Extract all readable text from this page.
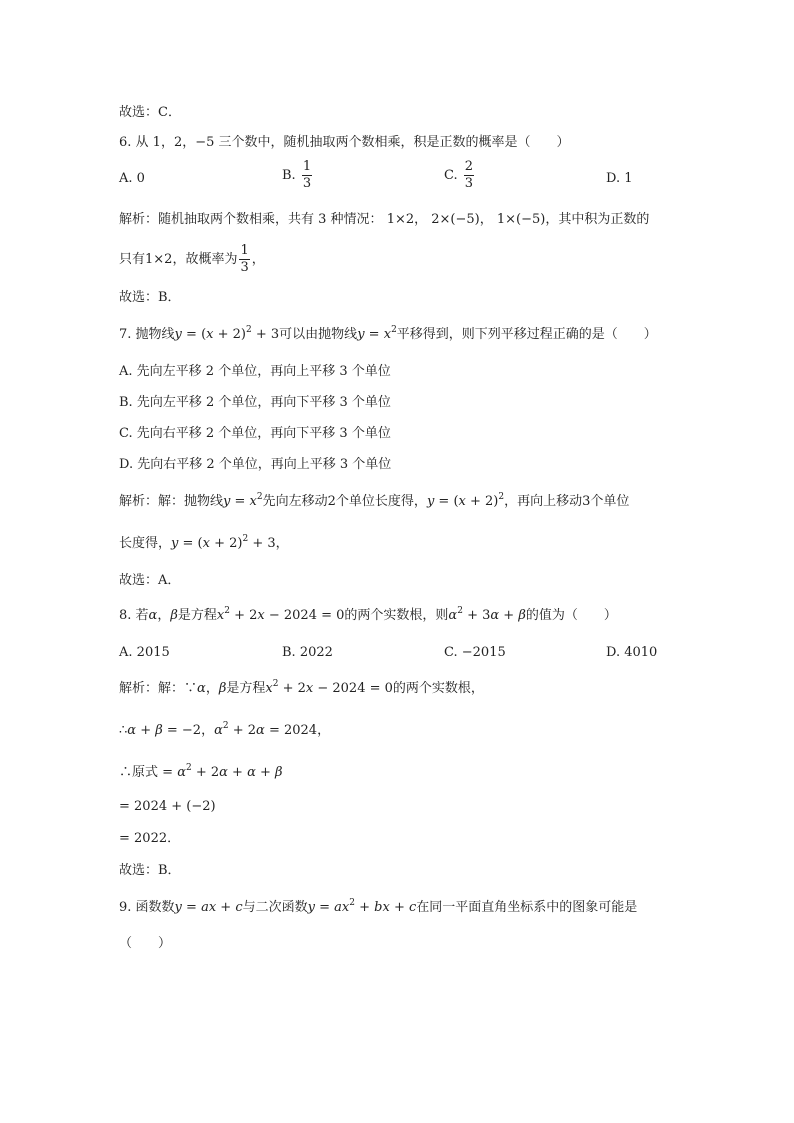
故选：C．
6. 从 1，2，−5 三个数中，随机抽取两个数相乘，积是正数的概率是（　　）
A. 0	B. $\frac{1}{3}$	C. $\frac{2}{3}$	D. 1
解析：随机抽取两个数相乘，共有 3 种情况： 1×2， 2×(−5)， 1×(−5)，其中积为正数的
只有1×2，故概率为 $\frac{1}{3}$ ，
故选：B．
7. 抛物线$y = (x + 2)^2 + 3$可以由抛物线$y = x^2$平移得到，则下列平移过程正确的是（　　）
A. 先向左平移 2 个单位，再向上平移 3 个单位
B. 先向左平移 2 个单位，再向下平移 3 个单位
C. 先向右平移 2 个单位，再向下平移 3 个单位
D. 先向右平移 2 个单位，再向上平移 3 个单位
解析：解：抛物线$y = x^2$先向左移动2个单位长度得，$y = (x + 2)^2$，再向上移动3个单位
长度得，$y = (x + 2)^2 + 3$，
故选：A．
8. 若α，β是方程$x^2 + 2x - 2024 = 0$的两个实数根，则$\alpha^2 + 3\alpha + \beta$的值为（　　）
A. 2015	B. 2022	C. −2015	D. 4010
解析：解：∵α，β是方程$x^2 + 2x - 2024 = 0$的两个实数根，
∴α + β = −2，$\alpha^2 + 2\alpha = 2024$，
∴原式 = $\alpha^2 + 2\alpha + \alpha + \beta$
= 2024 + (−2)
= 2022．
故选：B．
9. 函数数y = ax + c与二次函数$y = ax^2$ + bx + c在同一平面直角坐标系中的图象可能是
（　　）
